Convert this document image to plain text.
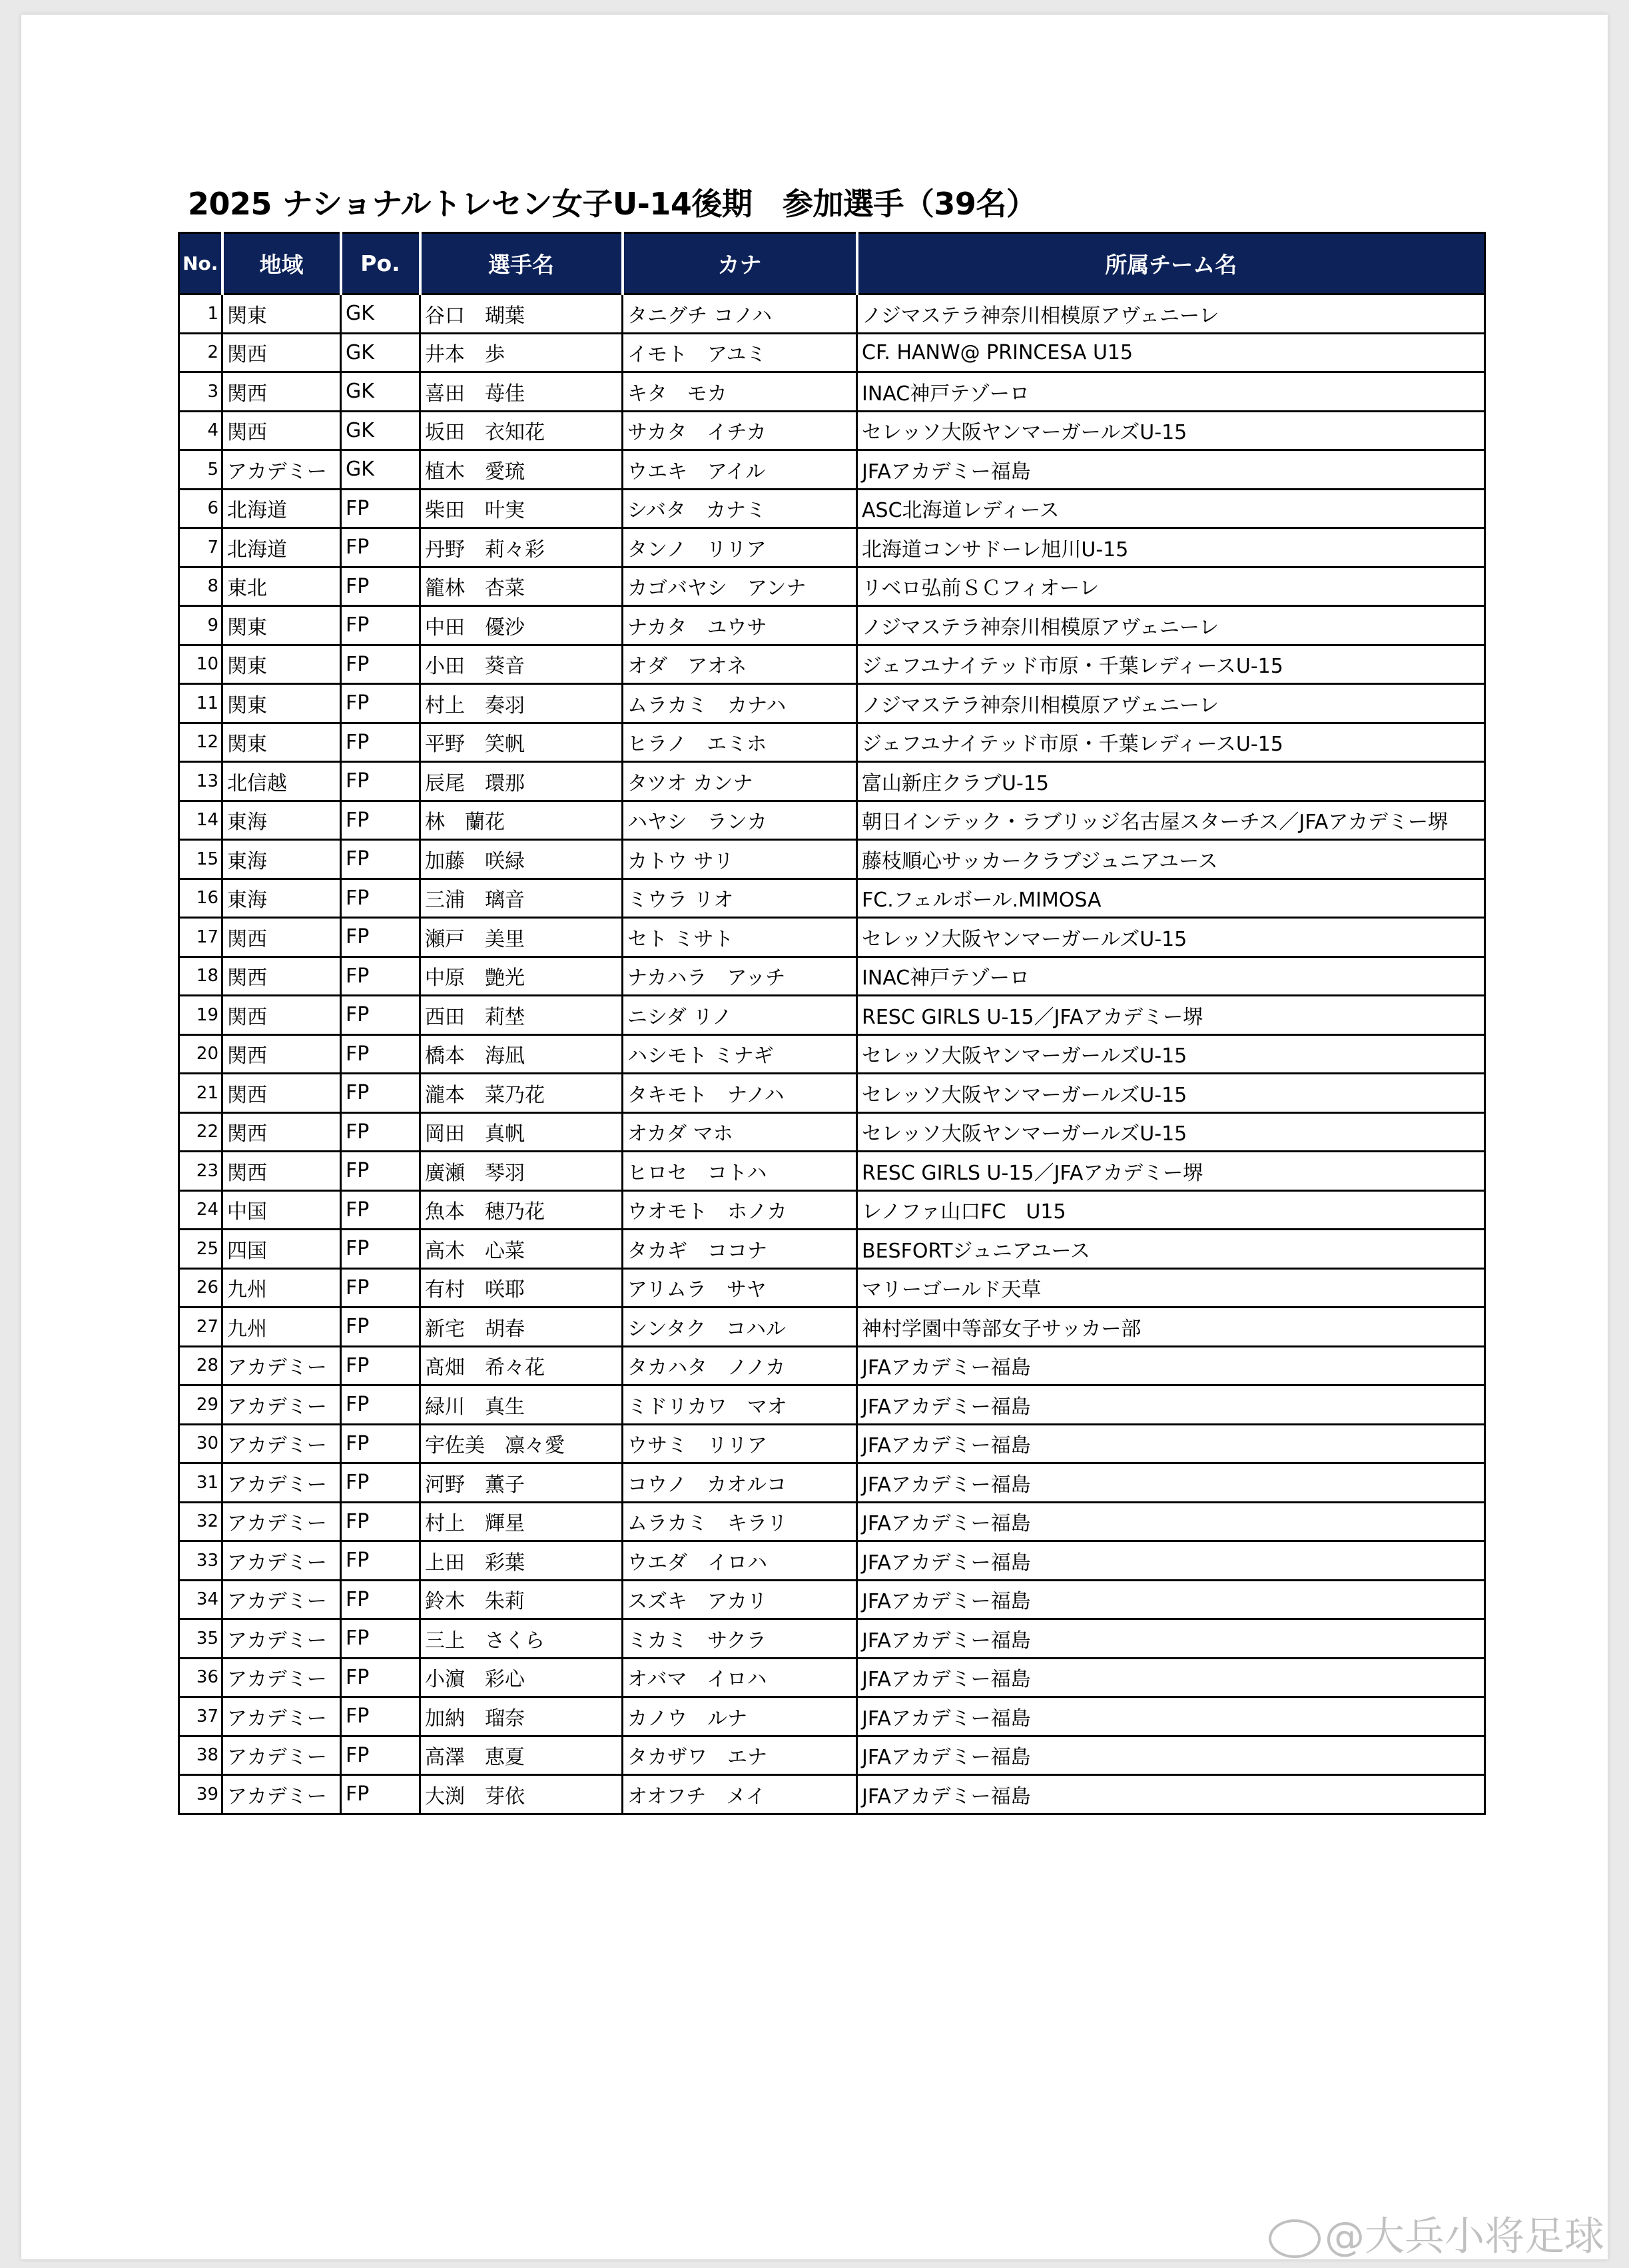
2025 ナショナルトレセン女子U-14後期　参加選手（39名）
No.	地域	Po.	選手名	カナ	所属チーム名
1	関東	GK	谷口　瑚葉	タニグチ コノハ	ノジマステラ神奈川相模原アヴェニーレ
2	関西	GK	井本　歩	イモト　アユミ	CF. HANW@ PRINCESA U15
3	関西	GK	喜田　苺佳	キタ　モカ	INAC神戸テゾーロ
4	関西	GK	坂田　衣知花	サカタ　イチカ	セレッソ大阪ヤンマーガールズU-15
5	アカデミー	GK	植木　愛琉	ウエキ　アイル	JFAアカデミー福島
6	北海道	FP	柴田　叶実	シバタ　カナミ	ASC北海道レディース
7	北海道	FP	丹野　莉々彩	タンノ　リリア	北海道コンサドーレ旭川U-15
8	東北	FP	籠林　杏菜	カゴバヤシ　アンナ	リベロ弘前ＳＣフィオーレ
9	関東	FP	中田　優沙	ナカタ　ユウサ	ノジマステラ神奈川相模原アヴェニーレ
10	関東	FP	小田　葵音	オダ　アオネ	ジェフユナイテッド市原・千葉レディースU-15
11	関東	FP	村上　奏羽	ムラカミ　カナハ	ノジマステラ神奈川相模原アヴェニーレ
12	関東	FP	平野　笑帆	ヒラノ　エミホ	ジェフユナイテッド市原・千葉レディースU-15
13	北信越	FP	辰尾　環那	タツオ カンナ	富山新庄クラブU-15
14	東海	FP	林　蘭花	ハヤシ　ランカ	朝日インテック・ラブリッジ名古屋スターチス／JFAアカデミー堺
15	東海	FP	加藤　咲緑	カトウ サリ	藤枝順心サッカークラブジュニアユース
16	東海	FP	三浦　璃音	ミウラ リオ	FC.フェルボール.MIMOSA
17	関西	FP	瀬戸　美里	セト ミサト	セレッソ大阪ヤンマーガールズU-15
18	関西	FP	中原　艶光	ナカハラ　アッチ	INAC神戸テゾーロ
19	関西	FP	西田　莉埜	ニシダ リノ	RESC GIRLS U-15／JFAアカデミー堺
20	関西	FP	橋本　海凪	ハシモト ミナギ	セレッソ大阪ヤンマーガールズU-15
21	関西	FP	瀧本　菜乃花	タキモト　ナノハ	セレッソ大阪ヤンマーガールズU-15
22	関西	FP	岡田　真帆	オカダ マホ	セレッソ大阪ヤンマーガールズU-15
23	関西	FP	廣瀬　琴羽	ヒロセ　コトハ	RESC GIRLS U-15／JFAアカデミー堺
24	中国	FP	魚本　穂乃花	ウオモト　ホノカ	レノファ山口FC　U15
25	四国	FP	高木　心菜	タカギ　ココナ	BESFORTジュニアユース
26	九州	FP	有村　咲耶	アリムラ　サヤ	マリーゴールド天草
27	九州	FP	新宅　胡春	シンタク　コハル	神村学園中等部女子サッカー部
28	アカデミー	FP	髙畑　希々花	タカハタ　ノノカ	JFAアカデミー福島
29	アカデミー	FP	緑川　真生	ミドリカワ　マオ	JFAアカデミー福島
30	アカデミー	FP	宇佐美　凛々愛	ウサミ　リリア	JFAアカデミー福島
31	アカデミー	FP	河野　薫子	コウノ　カオルコ	JFAアカデミー福島
32	アカデミー	FP	村上　輝星	ムラカミ　キラリ	JFAアカデミー福島
33	アカデミー	FP	上田　彩葉	ウエダ　イロハ	JFAアカデミー福島
34	アカデミー	FP	鈴木　朱莉	スズキ　アカリ	JFAアカデミー福島
35	アカデミー	FP	三上　さくら	ミカミ　サクラ	JFAアカデミー福島
36	アカデミー	FP	小濵　彩心	オバマ　イロハ	JFAアカデミー福島
37	アカデミー	FP	加納　瑠奈	カノウ　ルナ	JFAアカデミー福島
38	アカデミー	FP	高澤　恵夏	タカザワ　エナ	JFAアカデミー福島
39	アカデミー	FP	大渕　芽依	オオフチ　メイ	JFAアカデミー福島
@大兵小将足球
